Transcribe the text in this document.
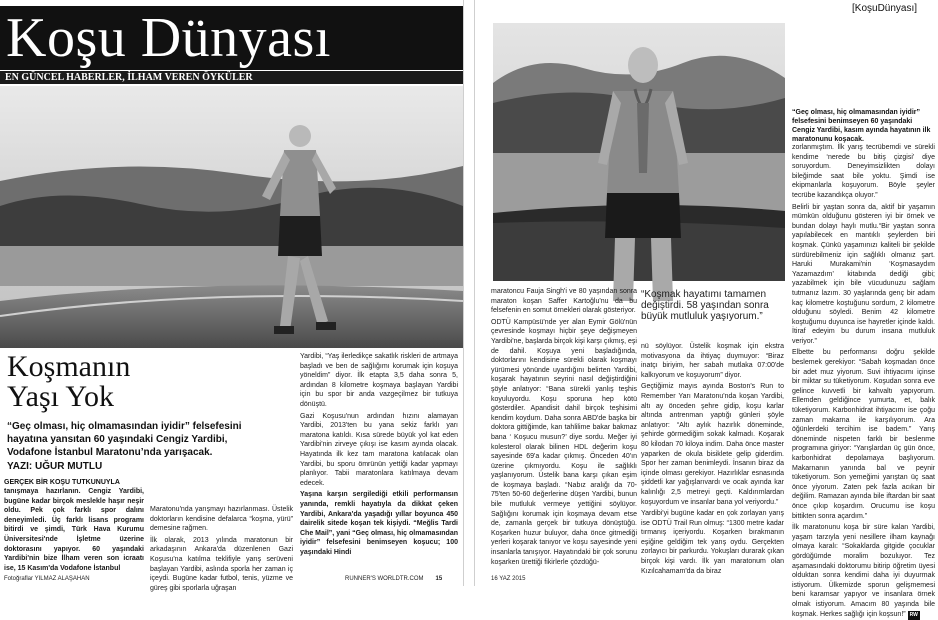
Koşu Dünyası
EN GÜNCEL HABERLER, İLHAM VEREN ÖYKÜLER
Koşmanın
Yaşı Yok
“Geç olması, hiç olmamasından iyidir” felsefesini hayatına yansıtan 60 yaşındaki Cengiz Yardibi, Vodafone İstanbul Maratonu’nda yarışacak.
YAZI: UĞUR MUTLU
GERÇEK BİR KOŞU TUTKUNUYLA

tanışmaya hazırlanın. Cengiz Yardibi, bugüne kadar birçok meslekle haşır neşir oldu. Pek çok farklı spor dalını deneyimledi. Üç farklı lisans programı bitirdi ve şimdi, Türk Hava Kurumu Üniversitesi'nde İşletme üzerine doktorasını yapıyor. 60 yaşındaki Yardibi'nin bize İlham veren son icraatı ise, 15 Kasım'da Vodafone İstanbul

Maratonu'nda yarışmayı hazırlanması. Üstelik doktorların kendisine defalarca “koşma, yürü” demesine rağmen.

İlk olarak, 2013 yılında maratonun bir arkadaşının Ankara'da düzenlenen Gazi Koşusu'na katılma teklifiyle yarış serüveni başlayan Yardibi, aslında sporla her zaman iç içeydi. Bugüne kadar futbol, tenis, yüzme ve güreş gibi sporlarla uğraşan

Yardibi, “Yaş ilerledikçe sakatlık riskleri de artmaya başladı ve ben de sağlığımı korumak için koşuya yöneldim” diyor. İlk etapta 3,5 daha sonra 5, ardından 8 kilometre koşmaya başlayan Yardibi için bu spor bir anda vazgeçilmez bir tutkuya dönüştü.

Gazi Koşusu'nun ardından hızını alamayan Yardibi, 2013'ten bu yana sekiz farklı yarı maratona katıldı. Kısa sürede büyük yol kat eden Yardibi'nin zirveye çıkışı ise kasım ayında olacak. Hayatında ilk kez tam maratona katılacak olan Yardibi, bu sporu ömrünün yettiği kadar yapmayı planlıyor. Tabii maratonlara katılmaya devam edecek.

Yaşına karşın sergilediği etkili performansın yanında, remkli hayatıyla da dikkat çeken Yardibi, Ankara'da yaşadığı yıllar boyunca 450 dairelik sitede koşan tek kişiydi. “Meğlis Tardi Che Mail”, yani “Geç olması, hiç olmamasından iyidir” felsefesini benimseyen koşucu; 100 yaşındaki Hindi

Fotoğraflar YILMAZ ALAŞAHAN	RUNNER'S WORLDTR.COM 15
[KoşuDünyası]

maratoncu Fauja Singh'i ve 80 yaşından sonra maraton koşan Saffer Kartoğlu'nu da bu felsefenin en somut örnekleri olarak gösteriyor.

ODTÜ Kampüsü'nde yer alan Eymir Gölü'nün çevresinde koşmayı hiçbir şeye değişmeyen Yardibi'ne, başlarda birçok kişi karşı çıkmış, eşi de dahil. Koşuya yeni başladığında, doktorlarını kendisine sürekli olarak koşmayı yürümesi yönünde uyardığını belirten Yardibi, koşarak hayatının seyrini nasıl değiştirdiğini şöyle anlatıyor: “Bana sürekli yanlış teşhis koyuluyordu. Koşu sporuna hep kötü gösterdiler. Apandisit dahil birçok teşhisimi kendim koydum. Daha sonra ABD'de başka bir doktora gittiğimde, kan tahlilime bakar bakmaz bana ‘ Koşucu musun?’ diye sordu. Meğer iyi kolesterol olarak bilinen HDL değerim koşu sayesinde 69'a kadar çıkmış. Önceden 40'ın üzerine çıkmıyordu. Koşu ile sağlıklı yaşlanıyorum. Üstelik bana karşı çıkan eşim de koşmaya başladı. “Nabız aralığı da 70-75'ten 50-60 değerlerine düşen Yardibi, bunun bile mutluluk vermeye yettiğini söylüyor. Sağlığını korumak için koşmaya devam etse de, zamanla gerçek bir tutkuya dönüştüğü. Koşarken huzur buluyor, daha önce gitmediği yerleri koşarak tanıyor ve koşu sayesinde yeni insanlarla tanışıyor. Hayatındaki bir çok sorunu koşarken ürettiği fikirlerle çözdüğü-

“Koşmak hayatımı tamamen değiştirdi. 58 yaşından sonra büyük mutluluk yaşıyorum.”

nü söylüyor. Üstelik koşmak için ekstra motivasyona da ihtiyaç duymuyor: “Biraz inatçı biriyim, her sabah mutlaka 07:00'de kalkıyorum ve koşuyorum” diyor.

Geçtiğimiz mayıs ayında Boston's Run to Remember Yarı Maratonu'nda koşan Yardibi, altı ay önceden şehre gidip, koşu karlar altında antrenman yaptığı günleri şöyle anlatıyor: “Altı aylık hazırlık döneminde, şehirde görmediğim sokak kalmadı. Koşarak 80 kilodan 70 kiloya indim. Daha önce master yaparken de okula bisiklete gelip giderdim. Spor her zaman benimleydi. İnsanın biraz da içinde olması gerekiyor. Hazırlıklar esnasında şiddetli kar yağışlarıvardı ve ocak ayında kar kalınlığı 2,5 metreyi geçti. Kaldırımlardan koşuyordum ve insanlar bana yol veriyordu.”

Yardibi'yi bugüne kadar en çok zorlayan yarış ise ODTÜ Trail Run olmuş: “1300 metre kadar tırmanış içeriyordu. Koşarken bırakmanın eşiğine geldiğim tek yarış oydu. Gerçekten zorlayıcı bir parkurdu. Yokuşları durarak çıkan birçok kişi vardı. İlk yarı maratonum olan Kızılcahamam'da da biraz

“Geç olması, hiç olmamasından iyidir” felsefesini benimseyen 60 yaşındaki Cengiz Yardibi, kasım ayında hayatının ilk maratonunu koşacak.

zorlanmıştım. İlk yarış tecrübemdi ve sürekli kendime ‘nerede bu bitiş çizgisi’ diye soruyordum. Deneyimsizlikten dolayı bileğimde saat bile yoktu. Şimdi ise ekipmanlarla koşuyorum. Böyle şeyler tecrübe kazandıkça oluyor.”

Belirli bir yaştan sonra da, aktif bir yaşamın mümkün olduğunu gösteren iyi bir örnek ve bundan dolayı haylı mutlu.“Bir yaştan sonra yapılabilecek en mantıklı şeylerden biri koşmak. Çünkü yaşamınızı kaliteli bir şekilde sürdürebilmeniz için sağlıklı olmanız şart. Haruki Murakami'nin ‘Koşmasaydım Yazamazdım’ kitabında dediği gibi; yazabilmek için bile vücudunuzu sağlam tutmanız lazım. 30 yaşlarında genç bir adam kaç kilometre koştuğunu sordum, 2 kilometre olduğunu söyledi. Benim 42 kilometre koştuğumu duyunca ise hayretler içinde kaldı. İtiraf edeyim bu durum insana mutluluk veriyor.”

Elbette bu performansı doğru şekilde beslemek gerekiyor: “Sabah koşmadan önce bir adet muz yiyorum. Suvi ihtiyacımı içinse bir miktar su tüketiyorum. Koşudan sonra eve gelince kuvvetli bir kahvaltı yapıyorum. Ellemden geldiğince yumurta, et, balık tüketiyorum. Karbonhidrat ihtiyacımı ise çoğu zaman makarna ile karşılıyorum. Ara öğünlerdeki tercihim ise badem.” Yarış döneminde nispeten farklı bir beslenme programına giriyor: “Yarışlardan üç gün önce, karbonhidrat depolamaya başlıyorum. Makarnanın yanında bal ve peynir tüketiyorum. Son yemeğimi yarıştan üç saat önce yiyorum. Zaten pek fazla acıkan bir değilim. Ramazan ayında bile iftardan bir saat önce çıkıp koşardım. Orucumu ise koşu bittikten sonra açardım.”

İlk maratonunu koşa bir süre kalan Yardibi, yaşam tarzıyla yeni nesillere ilham kaynağı olmaya karalı: “Sokaklarda gitgide çocuklar gördüğümde moralim bozuluyor. Tez aşamasındaki doktorumu bitirip öğretim üyesi olduktan sonra kendimi daha iyi duyurmak istiyorum. Ülkemizde sporun gelişmemesi beni karamsar yapıyor ve insanlara örnek olmak istiyorum. Amacım 80 yaşında bile koşmak. Herkes sağlığı için koşsun!” RW

16 YAZ 2015
